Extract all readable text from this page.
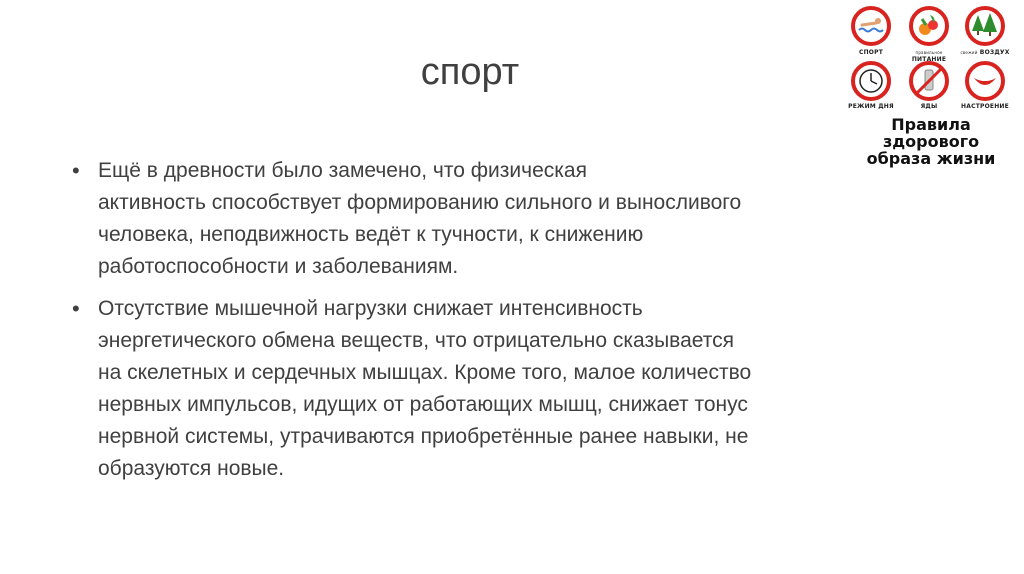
спорт
• Ещё в древности было замечено, что физическая
активность способствует формированию сильного и выносливого
человека, неподвижность ведёт к тучности, к снижению
работоспособности и заболеваниям.
• Отсутствие мышечной нагрузки снижает интенсивность
энергетического обмена веществ, что отрицательно сказывается
на скелетных и сердечных мышцах. Кроме того, малое количество
нервных импульсов, идущих от работающих мышц, снижает тонус
нервной системы, утрачиваются приобретённые ранее навыки, не
образуются новые.
СПОРТ	правильное ПИТАНИЕ
свежий ВОЗДУХ
РЕЖИМ ДНЯ	ЯДЫ	НАСТРОЕНИЕ
Правила
здорового
образа жизни
